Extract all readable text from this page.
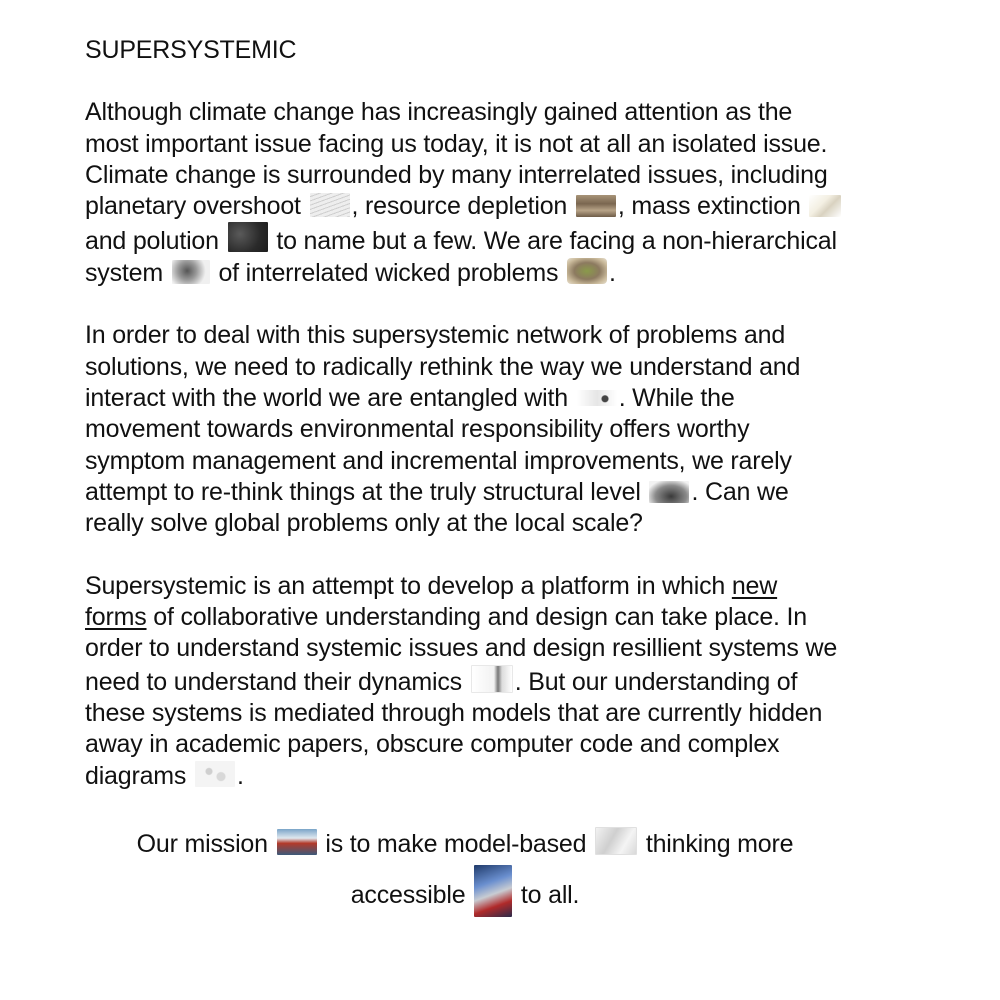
SUPERSYSTEMIC

Although climate change has increasingly gained attention as the most important issue facing us today, it is not at all an isolated issue. Climate change is surrounded by many interrelated issues, including planetary overshoot , resource depletion , mass extinction  and polution  to name but a few. We are facing a non-hierarchical system  of interrelated wicked problems .

In order to deal with this supersystemic network of problems and solutions, we need to radically rethink the way we understand and interact with the world we are entangled with . While the movement towards environmental responsibility offers worthy symptom management and incremental improvements, we rarely attempt to re-think things at the truly structural level . Can we really solve global problems only at the local scale?

Supersystemic is an attempt to develop a platform in which new forms of collaborative understanding and design can take place. In order to understand systemic issues and design resillient systems we need to understand their dynamics . But our understanding of these systems is mediated through models that are currently hidden away in academic papers, obscure computer code and complex diagrams .

Our mission  is to make model-based  thinking more accessible  to all.
